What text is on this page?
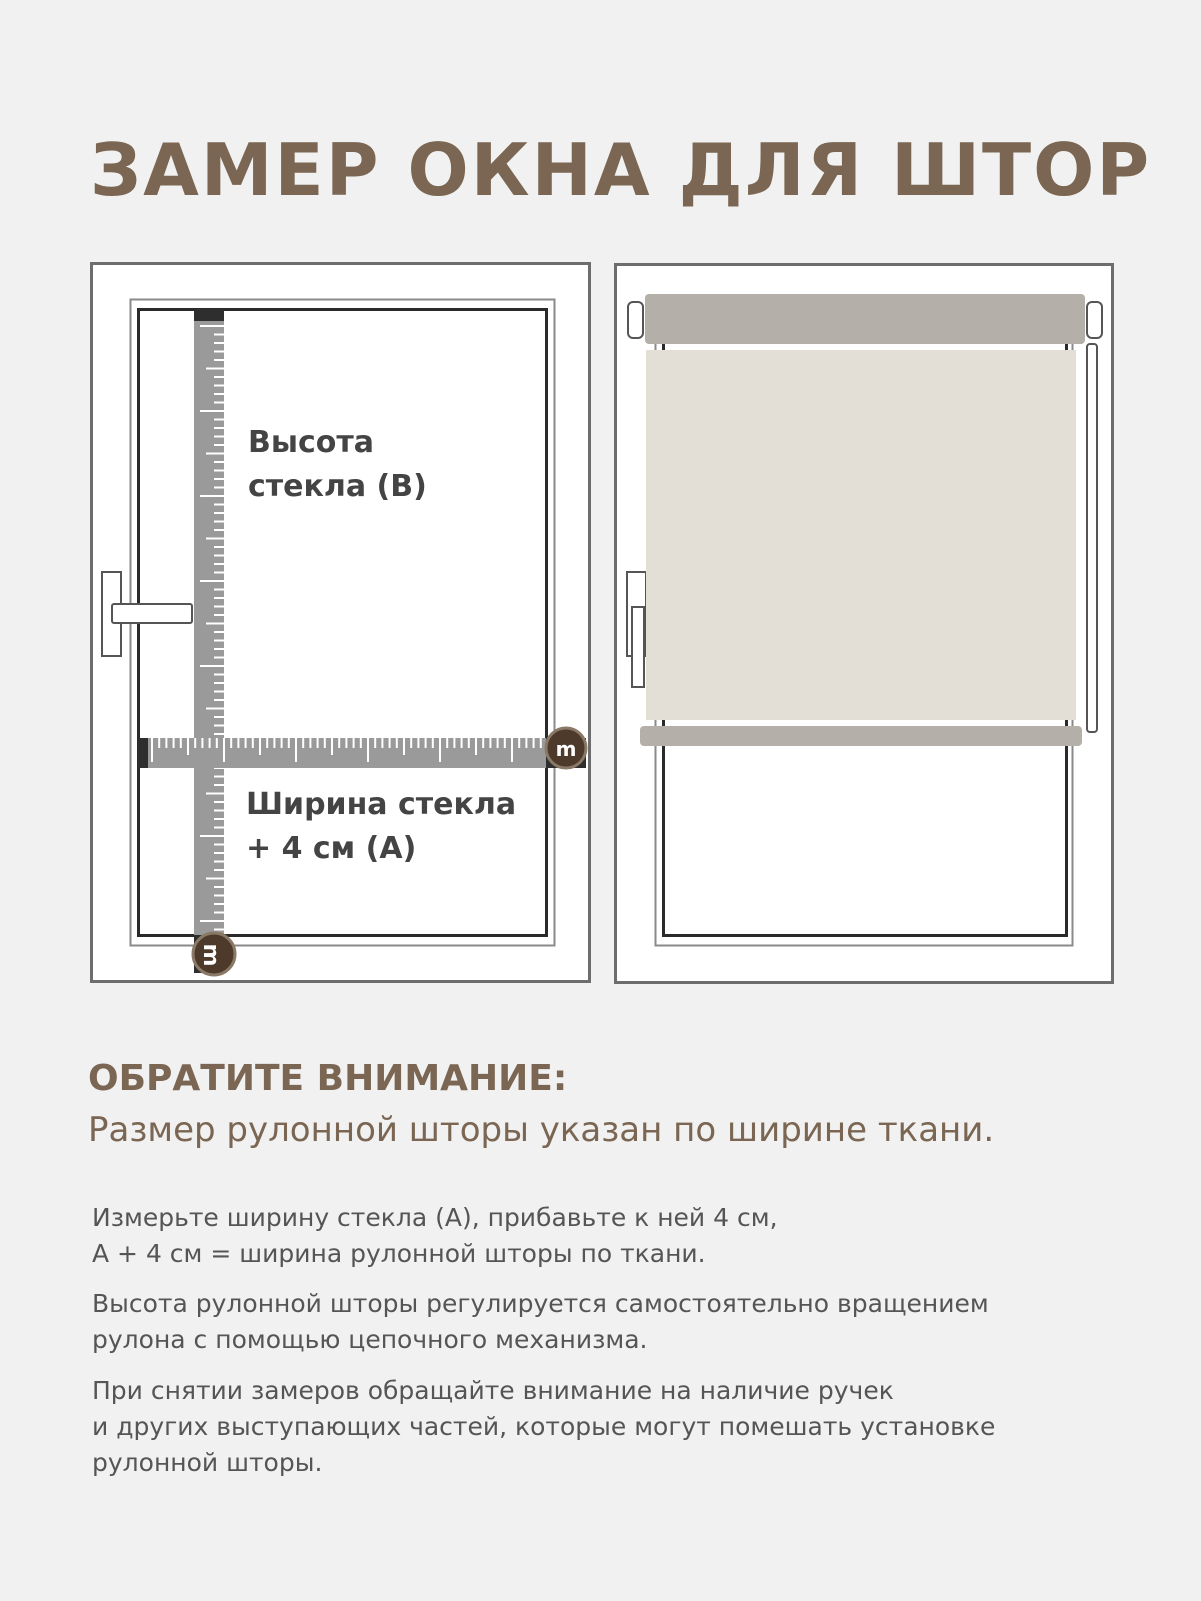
ЗАМЕР ОКНА ДЛЯ ШТОР
m
m
Высота
стекла (В)
Ширина стекла
+ 4 см (А)
ОБРАТИТЕ ВНИМАНИЕ:
Размер рулонной шторы указан по ширине ткани.
Измерьте ширину стекла (А), прибавьте к ней 4 см,
А + 4 см = ширина рулонной шторы по ткани.
Высота рулонной шторы регулируется самостоятельно вращением
рулона с помощью цепочного механизма.
При снятии замеров обращайте внимание на наличие ручек
и других выступающих частей, которые могут помешать установке
рулонной шторы.
